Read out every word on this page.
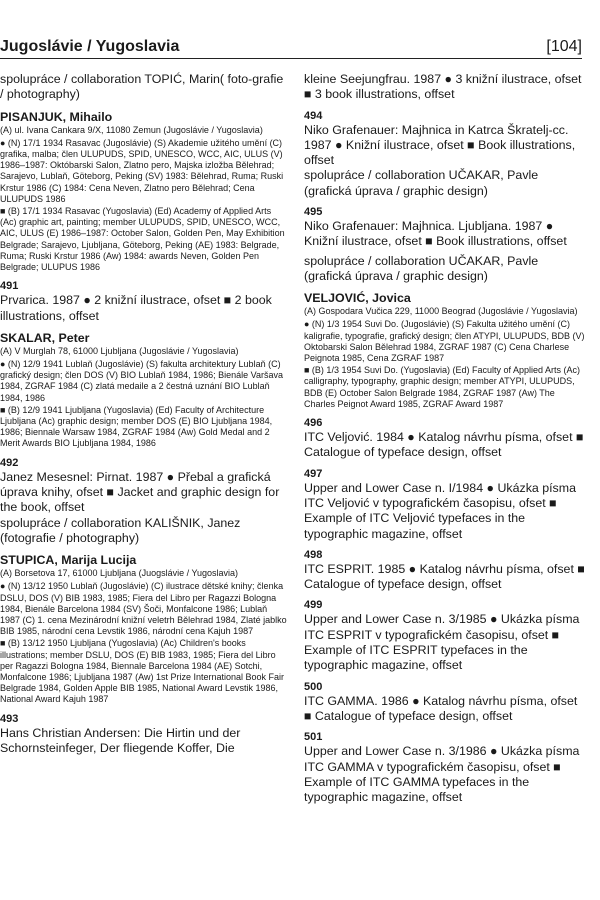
Jugoslávie / Yugoslavia	[104]
spolupráce / collaboration TOPIĆ, Marin( foto-grafie / photography)
PISANJUK, Mihailo
(A) ul. Ivana Cankara 9/X, 11080 Zemun (Jugoslávie / Yugoslavia)

● (N) 17/1 1934 Rasavac (Jugoslávie) (S) Akademie užitého umění (C) grafika, malba; člen ULUPUDS, SPID, UNESCO, WCC, AIC, ULUS (V) 1986–1987: Októbarski Salon, Zlatno pero, Majska izložba Bělehrad; Sarajevo, Lublaň, Göteborg, Peking (SV) 1983: Bělehrad, Ruma; Ruski Krstur 1986 (C) 1984: Cena Neven, Zlatno pero Bělehrad; Cena ULUPUDS 1986

■ (B) 17/1 1934 Rasavac (Yugoslavia) (Ed) Academy of Applied Arts (Ac) graphic art, painting; member ULUPUDS, SPID, UNESCO, WCC, AIC, ULUS (E) 1986–1987: October Salon, Golden Pen, May Exhibition Belgrade; Sarajevo, Ljubljana, Göteborg, Peking (AE) 1983: Belgrade, Ruma; Ruski Krstur 1986 (Aw) 1984: awards Neven, Golden Pen Belgrade; ULUPUS 1986

491
Prvarica. 1987 ● 2 knižní ilustrace, ofset ■ 2 book illustrations, offset
SKALAR, Peter
(A) V Murglah 78, 61000 Ljubljana (Jugoslávie / Yugoslavia)

● (N) 12/9 1941 Lublaň (Jugoslávie) (S) fakulta architektury Lublaň (C) grafický design; člen DOS (V) BIO Lublaň 1984, 1986; Bienále Varšava 1984, ZGRAF 1984 (C) zlatá medaile a 2 čestná uznání BIO Lublaň 1984, 1986

■ (B) 12/9 1941 Ljubljana (Yugoslavia) (Ed) Faculty of Architecture Ljubljana (Ac) graphic design; member DOS (E) BIO Ljubljana 1984, 1986; Biennale Warsaw 1984, ZGRAF 1984 (Aw) Gold Medal and 2 Merit Awards BIO Ljubljana 1984, 1986

492
Janez Mesesnel: Pirnat. 1987 ● Přebal a grafická úprava knihy, ofset ■ Jacket and graphic design for the book, offset
spolupráce / collaboration KALIŠNIK, Janez (fotografie / photography)
STUPICA, Marija Lucija
(A) Borsetova 17, 61000 Ljubljana (Juogslávie / Yugoslavia)

● (N) 13/12 1950 Lublaň (Jugoslávie) (C) ilustrace dětské knihy; členka DSLU, DOS (V) BIB 1983, 1985; Fiera del Libro per Ragazzi Bologna 1984, Bienále Barcelona 1984 (SV) Šoči, Monfalcone 1986; Lublaň 1987 (C) 1. cena Mezinárodní knižní veletrh Bělehrad 1984, Zlaté jablko BIB 1985, národní cena Levstik 1986, národní cena Kajuh 1987

■ (B) 13/12 1950 Ljubljana (Yugoslavia) (Ac) Children's books illustrations; member DSLU, DOS (E) BIB 1983, 1985; Fiera del Libro per Ragazzi Bologna 1984, Biennale Barcelona 1984 (AE) Sotchi, Monfalcone 1986; Ljubljana 1987 (Aw) 1st Prize International Book Fair Belgrade 1984, Golden Apple BIB 1985, National Award Levstik 1986, National Award Kajuh 1987

493
Hans Christian Andersen: Die Hirtin und der Schornsteinfeger, Der fliegende Koffer, Die
kleine Seejungfrau. 1987 ● 3 knižní ilustrace, ofset ■ 3 book illustrations, offset
494
Niko Grafenauer: Majhnica in Katrca Škratelj-cc. 1987 ● Knižní ilustrace, ofset ■ Book illustrations, offset
spolupráce / collaboration UČAKAR, Pavle (grafická úprava / graphic design)
495
Niko Grafenauer: Majhnica. Ljubljana. 1987 ● Knižní ilustrace, ofset ■ Book illustrations, offset
spolupráce / collaboration UČAKAR, Pavle (grafická úprava / graphic design)
VELJOVIĆ, Jovica
(A) Gospodara Vučica 229, 11000 Beograd (Jugoslávie / Yugoslavia)

● (N) 1/3 1954 Suvi Do. (Jugoslávie) (S) Fakulta užitého umění (C) kaligrafie, typografie, grafický design; člen ATYPI, ULUPUDS, BDB (V) Oktobarski Salon Bělehrad 1984, ZGRAF 1987 (C) Cena Charlese Peignota 1985, Cena ZGRAF 1987

■ (B) 1/3 1954 Suvi Do. (Yugoslavia) (Ed) Faculty of Applied Arts (Ac) calligraphy, typography, graphic design; member ATYPI, ULUPUDS, BDB (E) October Salon Belgrade 1984, ZGRAF 1987 (Aw) The Charles Peignot Award 1985, ZGRAF Award 1987

496
ITC Veljović. 1984 ● Katalog návrhu písma, ofset ■ Catalogue of typeface design, offset
497
Upper and Lower Case n. I/1984 ● Ukázka písma ITC Veljović v typografickém časopisu, ofset ■ Example of ITC Veljović typefaces in the typographic magazine, offset
498
ITC ESPRIT. 1985 ● Katalog návrhu písma, ofset ■ Catalogue of typeface design, offset
499
Upper and Lower Case n. 3/1985 ● Ukázka písma ITC ESPRIT v typografickém časopisu, ofset ■ Example of ITC ESPRIT typefaces in the typographic magazine, offset
500
ITC GAMMA. 1986 ● Katalog návrhu písma, ofset ■ Catalogue of typeface design, offset
501
Upper and Lower Case n. 3/1986 ● Ukázka písma ITC GAMMA v typografickém časopisu, ofset ■ Example of ITC GAMMA typefaces in the typographic magazine, offset
